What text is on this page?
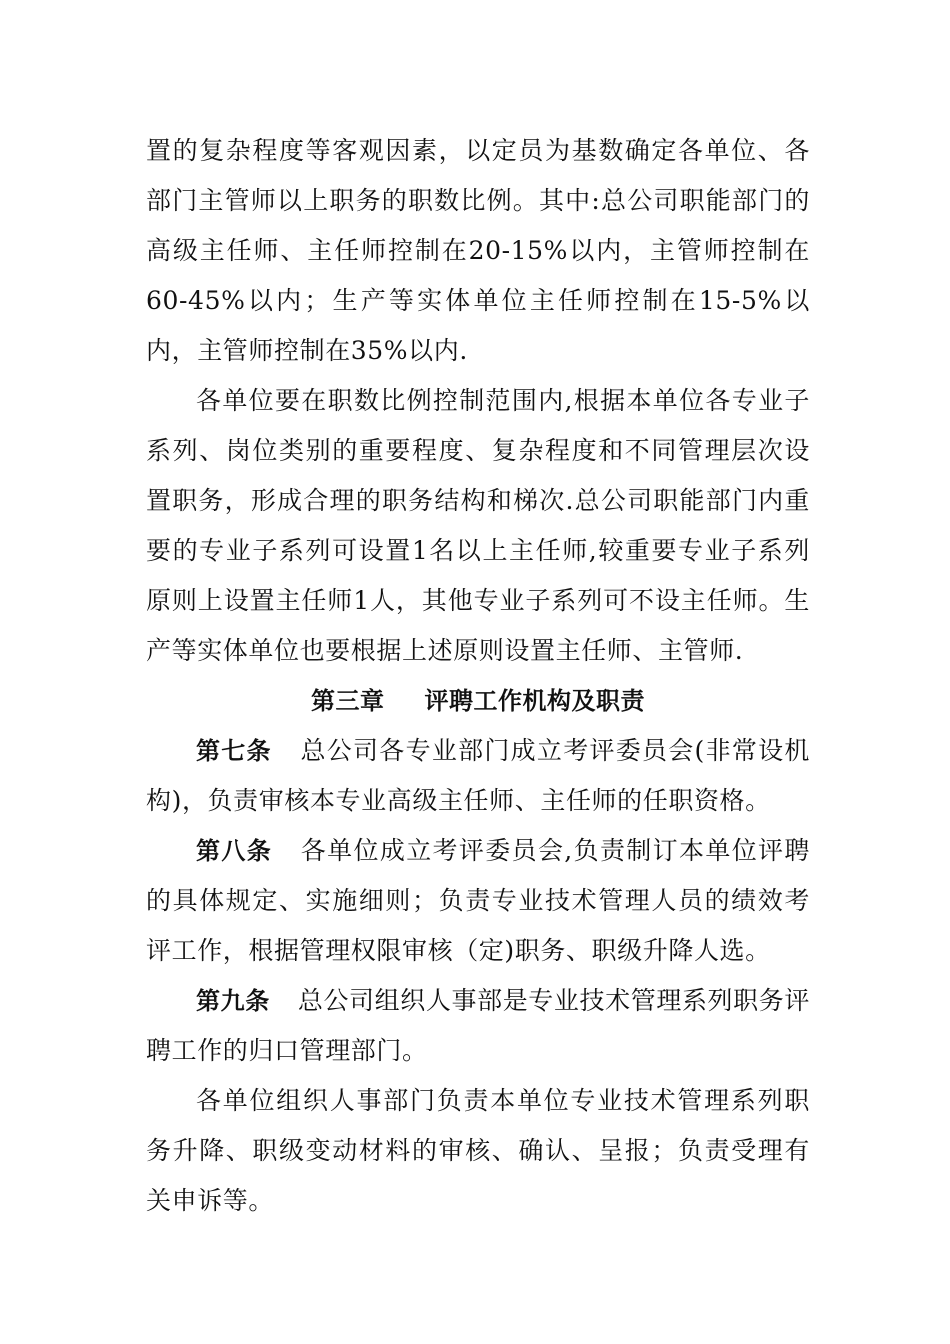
置的复杂程度等客观因素，以定员为基数确定各单位、各部门主管师以上职务的职数比例。其中:总公司职能部门的高级主任师、主任师控制在20-15%以内，主管师控制在60-45%以内；生产等实体单位主任师控制在15-5%以内，主管师控制在35%以内.

各单位要在职数比例控制范围内,根据本单位各专业子系列、岗位类别的重要程度、复杂程度和不同管理层次设置职务，形成合理的职务结构和梯次.总公司职能部门内重要的专业子系列可设置1名以上主任师,较重要专业子系列原则上设置主任师1人，其他专业子系列可不设主任师。生产等实体单位也要根据上述原则设置主任师、主管师.

第三章 评聘工作机构及职责

第七条 总公司各专业部门成立考评委员会(非常设机构)，负责审核本专业高级主任师、主任师的任职资格。

第八条 各单位成立考评委员会,负责制订本单位评聘的具体规定、实施细则；负责专业技术管理人员的绩效考评工作，根据管理权限审核（定)职务、职级升降人选。

第九条 总公司组织人事部是专业技术管理系列职务评聘工作的归口管理部门。

各单位组织人事部门负责本单位专业技术管理系列职务升降、职级变动材料的审核、确认、呈报；负责受理有关申诉等。
